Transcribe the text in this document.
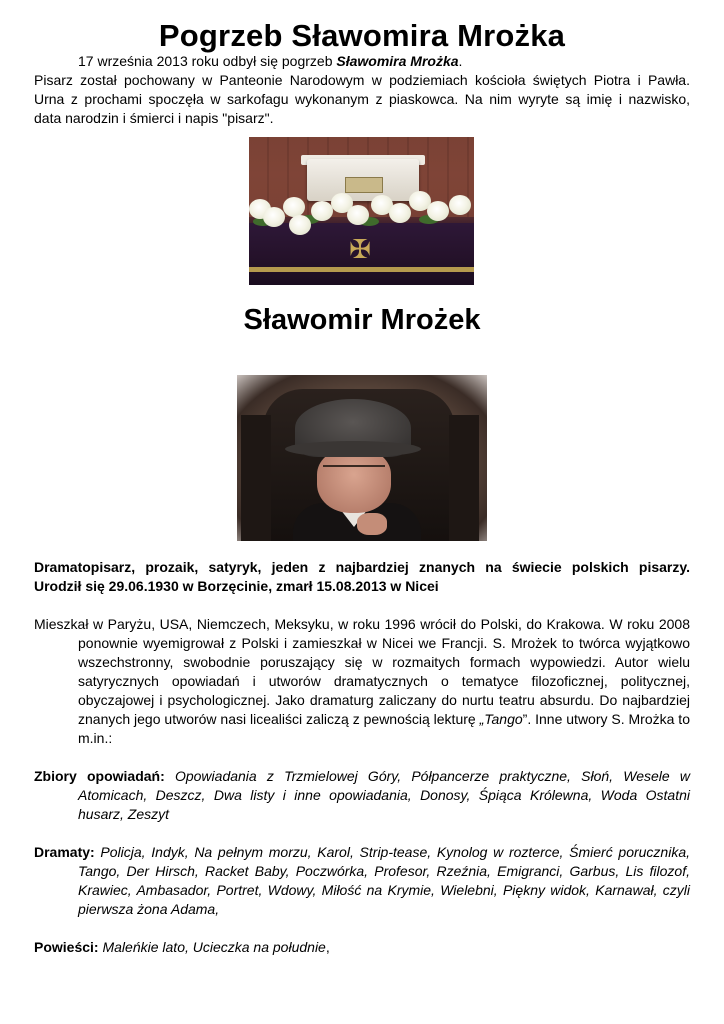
Pogrzeb Sławomira Mrożka
17 września 2013 roku odbył się pogrzeb Sławomira Mrożka.
Pisarz został pochowany w Panteonie Narodowym w podziemiach kościoła świętych Piotra i Pawła.
Urna z prochami spoczęła w sarkofagu wykonanym z piaskowca. Na nim wyryte są imię i nazwisko,
data narodzin i śmierci i napis "pisarz".
✠
Sławomir Mrożek

Dramatopisarz, prozaik, satyryk, jeden z najbardziej znanych na świecie polskich pisarzy.
Urodził się 29.06.1930 w Borzęcinie, zmarł 15.08.2013 w Nicei

Mieszkał w Paryżu, USA, Niemczech, Meksyku, w roku 1996 wrócił do Polski, do Krakowa. W roku 2008 ponownie wyemigrował z Polski i zamieszkał w Nicei we Francji. S. Mrożek to twórca wyjątkowo wszechstronny, swobodnie poruszający się w rozmaitych formach wypowiedzi. Autor wielu satyrycznych opowiadań i utworów dramatycznych o tematyce filozoficznej, politycznej, obyczajowej i psychologicznej. Jako dramaturg zaliczany do nurtu teatru absurdu. Do najbardziej znanych jego utworów nasi licealiści zaliczą z pewnością lekturę „Tango”. Inne utwory S. Mrożka to m.in.:

Zbiory opowiadań: Opowiadania z Trzmielowej Góry, Półpancerze praktyczne, Słoń, Wesele w Atomicach, Deszcz, Dwa listy i inne opowiadania, Donosy, Śpiąca Królewna, Woda Ostatni husarz, Zeszyt

Dramaty: Policja, Indyk, Na pełnym morzu, Karol, Strip-tease, Kynolog w rozterce, Śmierć porucznika, Tango, Der Hirsch, Racket Baby, Poczwórka, Profesor, Rzeźnia, Emigranci, Garbus, Lis filozof, Krawiec, Ambasador, Portret, Wdowy, Miłość na Krymie, Wielebni, Piękny widok, Karnawał, czyli pierwsza żona Adama,

Powieści: Maleńkie lato, Ucieczka na południe,
